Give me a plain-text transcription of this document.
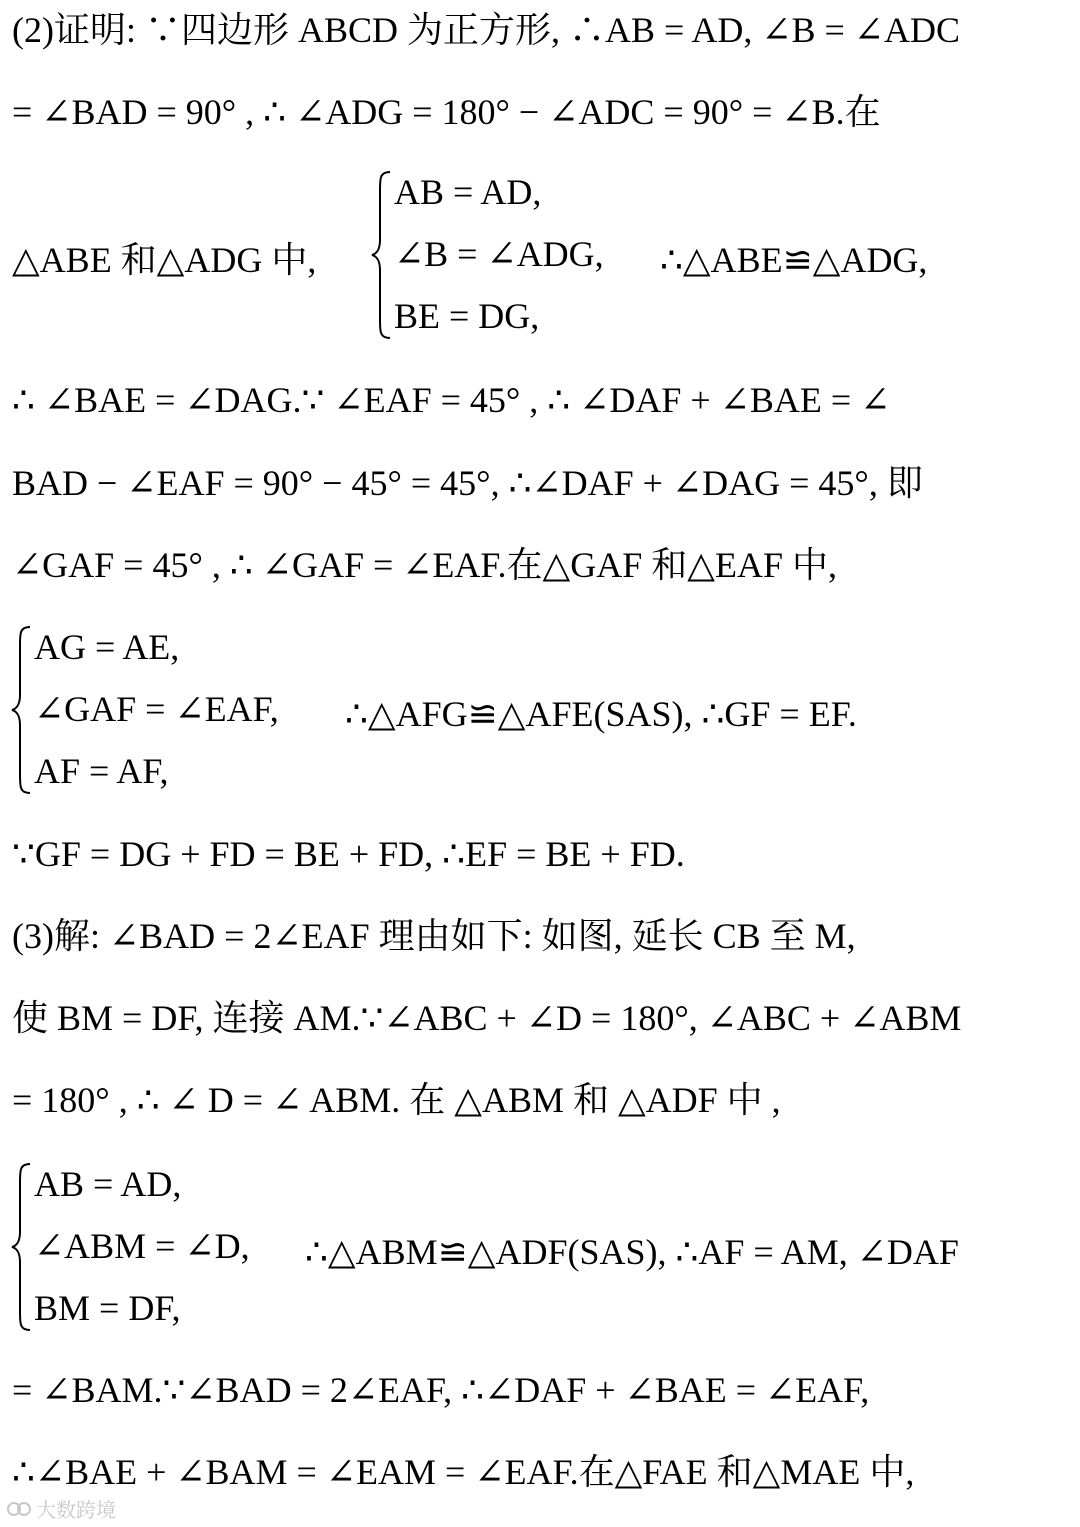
(2)证明: ∵四边形 ABCD 为正方形, ∴AB = AD, ∠B = ∠ADC
= ∠BAD = 90° , ∴ ∠ADG = 180° − ∠ADC = 90° = ∠B.在
△ABE 和△ADG 中,
AB = AD,
∠B = ∠ADG,
BE = DG,
∴△ABE≌△ADG,
∴ ∠BAE = ∠DAG.∵ ∠EAF = 45° , ∴ ∠DAF + ∠BAE = ∠
BAD − ∠EAF = 90° − 45° = 45°, ∴∠DAF + ∠DAG = 45°, 即
∠GAF = 45° , ∴ ∠GAF = ∠EAF.在△GAF 和△EAF 中,
AG = AE,
∠GAF = ∠EAF,
AF = AF,
∴△AFG≌△AFE(SAS), ∴GF = EF.
∵GF = DG + FD = BE + FD, ∴EF = BE + FD.
(3)解: ∠BAD = 2∠EAF 理由如下: 如图, 延长 CB 至 M,
使 BM = DF, 连接 AM.∵∠ABC + ∠D = 180°, ∠ABC + ∠ABM
= 180° , ∴ ∠ D = ∠ ABM. 在 △ABM 和 △ADF 中 ,
AB = AD,
∠ABM = ∠D,
BM = DF,
∴△ABM≌△ADF(SAS), ∴AF = AM, ∠DAF
= ∠BAM.∵∠BAD = 2∠EAF, ∴∠DAF + ∠BAE = ∠EAF,
∴∠BAE + ∠BAM = ∠EAM = ∠EAF.在△FAE 和△MAE 中,
大数跨境
